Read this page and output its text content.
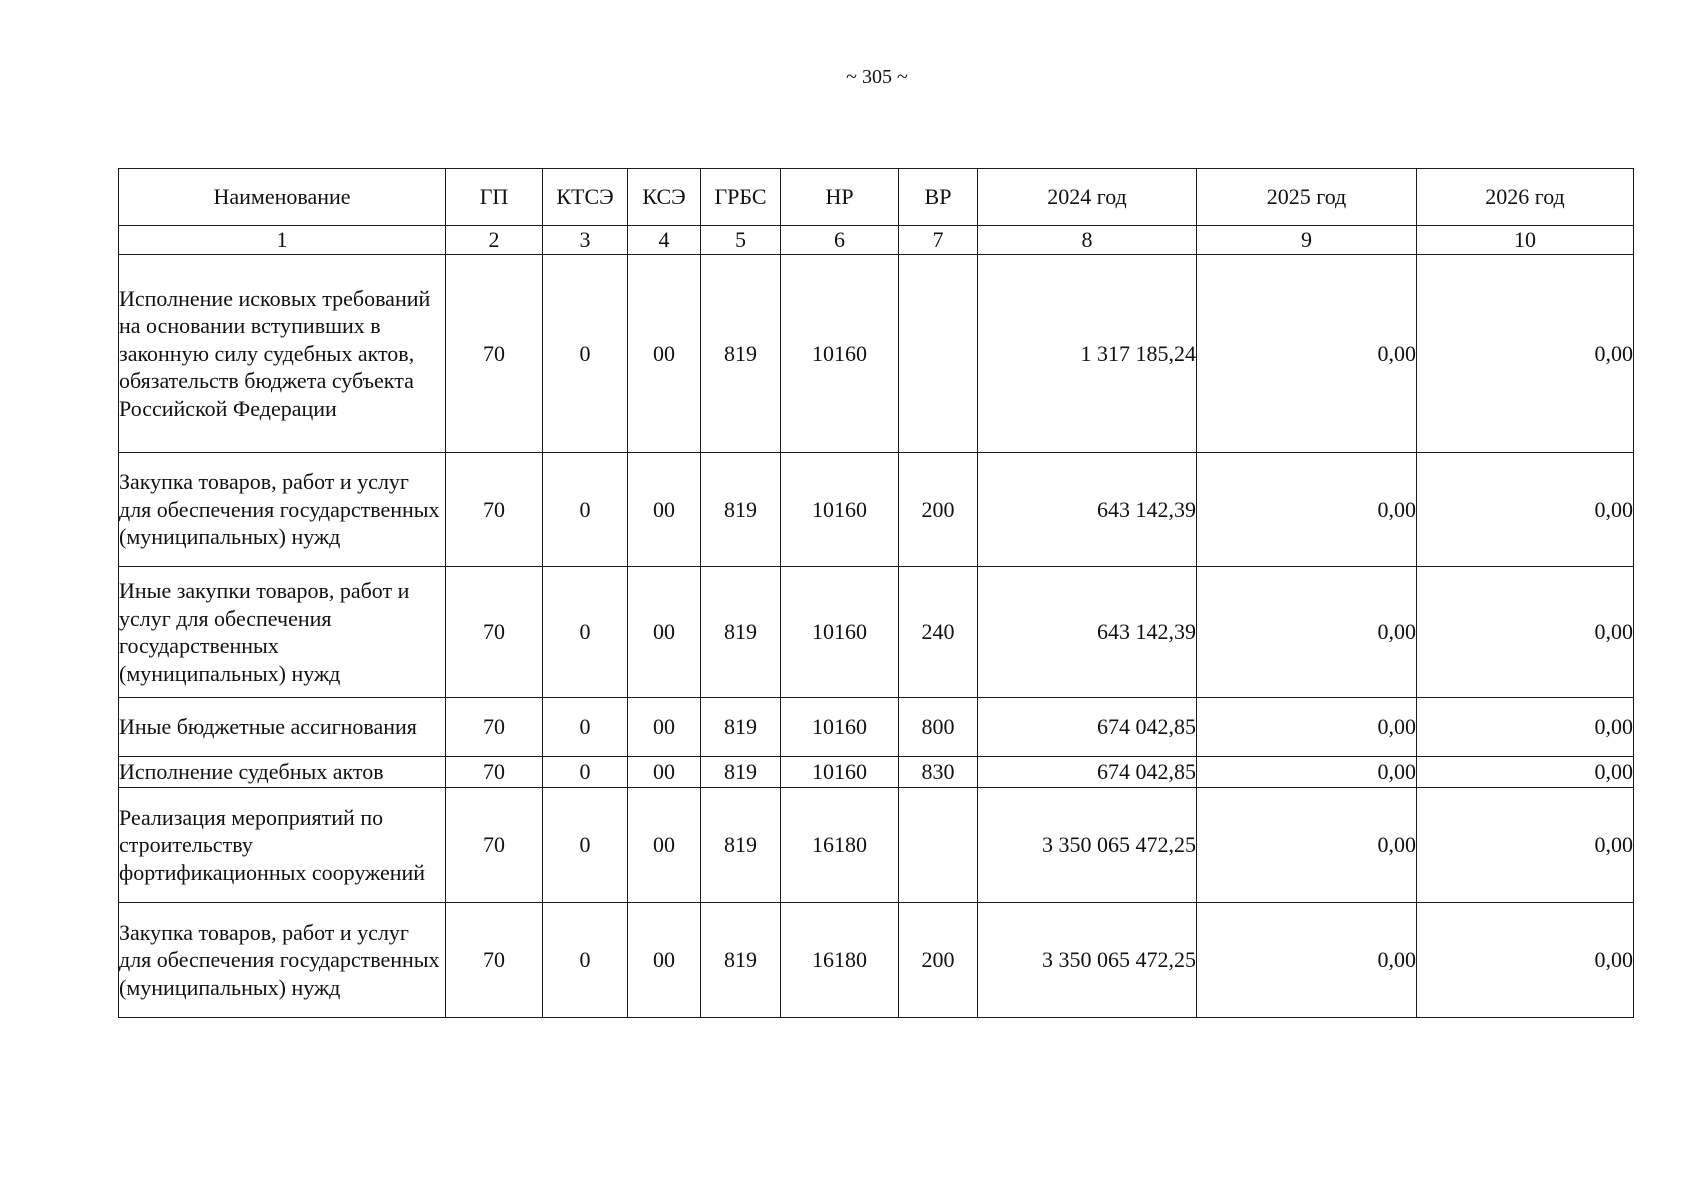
~ 305 ~
Наименование	ГП	КТСЭ	КСЭ	ГРБС	НР	ВР	2024 год	2025 год	2026 год
1	2	3	4	5	6	7	8	9	10
Исполнение исковых требований на основании вступивших в законную силу судебных актов, обязательств бюджета субъекта Российской Федерации	70	0	00	819	10160		1 317 185,24	0,00	0,00
Закупка товаров, работ и услуг для обеспечения государственных (муниципальных) нужд	70	0	00	819	10160	200	643 142,39	0,00	0,00
Иные закупки товаров, работ и услуг для обеспечения государственных (муниципальных) нужд	70	0	00	819	10160	240	643 142,39	0,00	0,00
Иные бюджетные ассигнования	70	0	00	819	10160	800	674 042,85	0,00	0,00
Исполнение судебных актов	70	0	00	819	10160	830	674 042,85	0,00	0,00
Реализация мероприятий по строительству фортификационных сооружений	70	0	00	819	16180		3 350 065 472,25	0,00	0,00
Закупка товаров, работ и услуг для обеспечения государственных (муниципальных) нужд	70	0	00	819	16180	200	3 350 065 472,25	0,00	0,00
